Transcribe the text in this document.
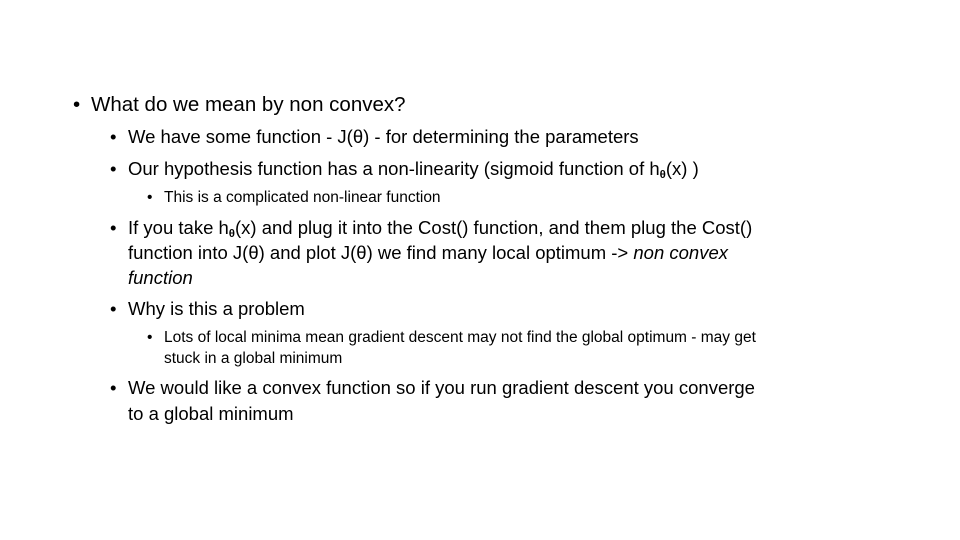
• What do we mean by non convex?
• We have some function - J(θ) - for determining the parameters
• Our hypothesis function has a non-linearity (sigmoid function of $h_\theta(x)$ )
• This is a complicated non-linear function
• If you take $h_\theta(x)$ and plug it into the Cost() function, and them plug the Cost()
function into J(θ) and plot J(θ) we find many local optimum -> non convex
function
• Why is this a problem
• Lots of local minima mean gradient descent may not find the global optimum - may get
stuck in a global minimum
• We would like a convex function so if you run gradient descent you converge
to a global minimum
